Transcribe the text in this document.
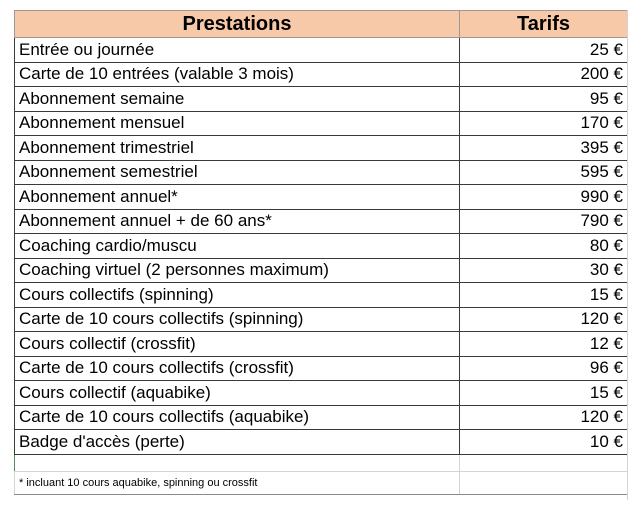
Prestations	Tarifs
Entrée ou journée	25 €
Carte de 10 entrées (valable 3 mois)	200 €
Abonnement semaine	95 €
Abonnement mensuel	170 €
Abonnement trimestriel	395 €
Abonnement semestriel	595 €
Abonnement annuel*	990 €
Abonnement annuel + de 60 ans*	790 €
Coaching cardio/muscu	80 €
Coaching virtuel (2 personnes maximum)	30 €
Cours collectifs (spinning)	15 €
Carte de 10 cours collectifs (spinning)	120 €
Cours collectif (crossfit)	12 €
Carte de 10 cours collectifs (crossfit)	96 €
Cours collectif (aquabike)	15 €
Carte de 10 cours collectifs (aquabike)	120 €
Badge d'accès (perte)	10 €

* incluant 10 cours aquabike, spinning ou crossfit	
